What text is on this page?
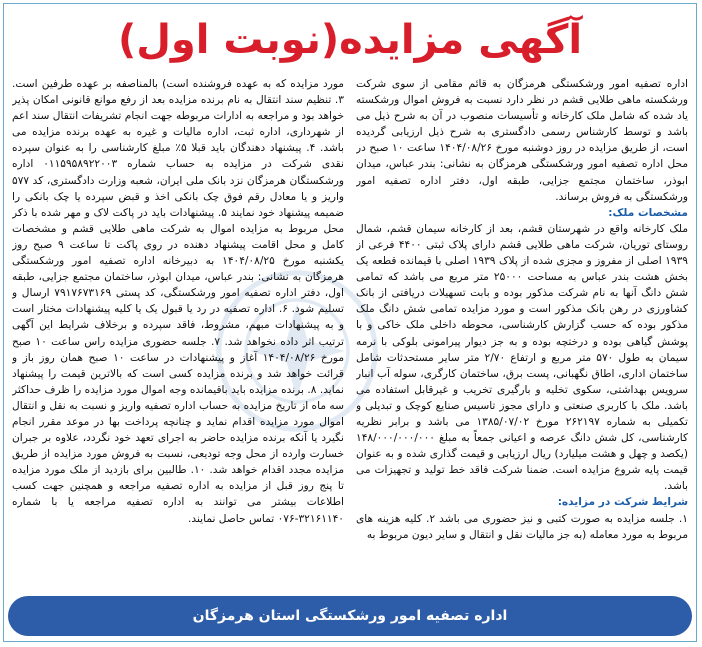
آگهی مزایده(نوبت اول)

اداره تصفیه امور ورشکستگی هرمزگان به قائم مقامی از سوی شرکت ورشکسته ماهی طلایی قشم در نظر دارد نسبت به فروش اموال ورشکسته یاد شده که شامل ملک کارخانه و تأسیسات منصوب در آن به شرح ذیل می باشد و توسط کارشناس رسمی دادگستری به شرح ذیل ارزیابی گردیده است، از طریق مزایده در روز دوشنبه مورخ ۱۴۰۴/۰۸/۲۶ ساعت ۱۰ صبح در محل اداره تصفیه امور ورشکستگی هرمزگان به نشانی: بندر عباس، میدان ابوذر، ساختمان مجتمع جزایی، طبقه اول، دفتر اداره تصفیه امور ورشکستگی به فروش برساند.

مشخصات ملک:

ملک کارخانه واقع در شهرستان قشم، بعد از کارخانه سیمان قشم، شمال روستای توریان، شرکت ماهی طلایی قشم دارای پلاک ثبتی ۴۴۰۰ فرعی از ۱۹۳۹ اصلی از مفروز و مجزی شده از پلاک ۱۹۳۹ اصلی با قیمانده قطعه یک بخش هشت بندر عباس به مساحت ۲۵۰۰۰ متر مربع می باشد که تمامی شش دانگ آنها به نام شرکت مذکور بوده و بابت تسهیلات دریافتی از بانک کشاورزی در رهن بانک مذکور است و مورد مزایده تمامی شش دانگ ملک مذکور بوده که حسب گزارش کارشناسی، محوطه داخلی ملک خاکی و با پوشش گیاهی بوده و درختچه بوده و به جز دیوار پیرامونی بلوکی با نرمه سیمان به طول ۵۷۰ متر مربع و ارتفاع ۲/۷۰ متر سایر مستحدثات شامل ساختمان اداری، اطاق نگهبانی، پست برق، ساختمان کارگری، سوله آب انبار سرویس بهداشتی، سکوی تخلیه و بارگیری تخریب و غیرقابل استفاده می باشد. ملک با کاربری صنعتی و دارای مجوز تاسیس صنایع کوچک و تبدیلی و تکمیلی به شماره ۲۶۲۱۹۷ مورخ ۱۳۸۵/۰۷/۰۲ می باشد و برابر نظریه کارشناسی، کل شش دانگ عرصه و اعیانی جمعاً به مبلغ ۱۴۸/۰۰۰/۰۰۰/۰۰۰ (یکصد و چهل و هشت میلیارد) ریال ارزیابی و قیمت گذاری شده و به عنوان قیمت پایه شروع مزایده است. ضمنا شرکت فاقد خط تولید و تجهیزات می باشد.

شرایط شرکت در مزایده:

۱. جلسه مزایده به صورت کتبی و نیز حضوری می باشد ۲. کلیه هزینه های مربوط به مورد معامله (به جز مالیات نقل و انتقال و سایر دیون مربوط به

مورد مزایده که به عهده فروشنده است) بالمناصفه بر عهده طرفین است. ۳. تنظیم سند انتقال به نام برنده مزایده بعد از رفع موانع قانونی امکان پذیر خواهد بود و مراجعه به ادارات مربوطه جهت انجام تشریفات انتقال سند اعم از شهرداری، اداره ثبت، اداره مالیات و غیره به عهده برنده مزایده می باشد. ۴. پیشنهاد دهندگان باید قبلا ۵٪ مبلغ کارشناسی را به عنوان سپرده نقدی شرکت در مزایده به حساب شماره ۰۱۱۵۹۵۸۹۲۲۰۰۳ اداره ورشکستگان هرمزگان نزد بانک ملی ایران، شعبه وزارت دادگستری، کد ۵۷۷ واریز و یا معادل رقم فوق چک بانکی اخذ و قبض سپرده یا چک بانکی را ضمیمه پیشنهاد خود نمایند ۵. پیشنهادات باید در پاکت لاک و مهر شده با ذکر محل مربوط به مزایده اموال به شرکت ماهی طلایی قشم و مشخصات کامل و محل اقامت پیشنهاد دهنده در روی پاکت تا ساعت ۹ صبح روز یکشنبه مورخ ۱۴۰۴/۰۸/۲۵ به دبیرخانه اداره تصفیه امور ورشکستگی هرمزگان به نشانی: بندر عباس، میدان ابوذر، ساختمان مجتمع جزایی، طبقه اول، دفتر اداره تصفیه امور ورشکستگی، کد پستی ۷۹۱۷۶۷۳۱۶۹ ارسال و تسلیم شود. ۶. اداره تصفیه در رد یا قبول یک یا کلیه پیشنهادات مختار است و به پیشنهادات مبهم، مشروط، فاقد سپرده و برخلاف شرایط این آگهی ترتیب اثر داده نخواهد شد. ۷. جلسه حضوری مزایده راس ساعت ۱۰ صبح مورخ ۱۴۰۴/۰۸/۲۶ آغاز و پیشنهادات در ساعت ۱۰ صبح همان روز باز و قرائت خواهد شد و برنده مزایده کسی است که بالاترین قیمت را پیشنهاد نماید. ۸. برنده مزایده باید باقیمانده وجه اموال مورد مزایده را ظرف حداکثر سه ماه از تاریخ مزایده به حساب اداره تصفیه واریز و نسبت به نقل و انتقال اموال مورد مزایده اقدام نماید و چنانچه پرداخت بها در موعد مقرر انجام نگیرد یا آنکه برنده مزایده حاضر به اجرای تعهد خود نگردد، علاوه بر جبران خسارت وارده از محل وجه تودیعی، نسبت به فروش مورد مزایده از طریق مزایده مجدد اقدام خواهد شد. ۱۰. طالبین برای بازدید از ملک مورد مزایده تا پنج روز قبل از مزایده به اداره تصفیه مراجعه و همچنین جهت کسب اطلاعات بیشتر می توانند به اداره تصفیه مراجعه یا با شماره ۳۲۱۶۱۱۴۰-۰۷۶ تماس حاصل نمایند.

اداره تصفیه امور ورشکستگی استان هرمزگان
